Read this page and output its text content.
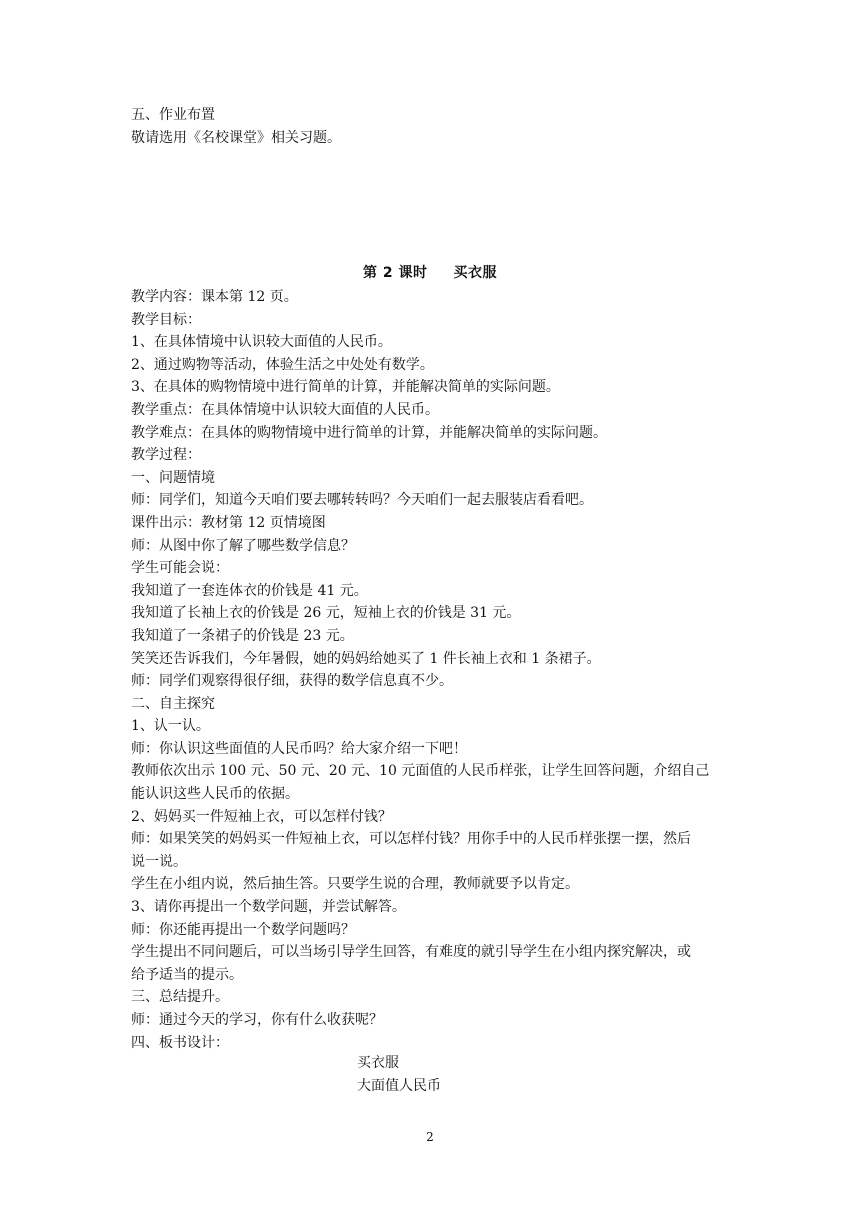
五、作业布置
敬请选用《名校课堂》相关习题。
第 2 课时 买衣服
教学内容：课本第 12 页。
教学目标：
1、在具体情境中认识较大面值的人民币。
2、通过购物等活动，体验生活之中处处有数学。
3、在具体的购物情境中进行简单的计算，并能解决简单的实际问题。
教学重点：在具体情境中认识较大面值的人民币。
教学难点：在具体的购物情境中进行简单的计算，并能解决简单的实际问题。
教学过程：
一、问题情境
师：同学们，知道今天咱们要去哪转转吗？今天咱们一起去服装店看看吧。
课件出示：教材第 12 页情境图
师：从图中你了解了哪些数学信息？
学生可能会说：
我知道了一套连体衣的价钱是 41 元。
我知道了长袖上衣的价钱是 26 元，短袖上衣的价钱是 31 元。
我知道了一条裙子的价钱是 23 元。
笑笑还告诉我们，今年暑假，她的妈妈给她买了 1 件长袖上衣和 1 条裙子。
师：同学们观察得很仔细，获得的数学信息真不少。
二、自主探究
1、认一认。
师：你认识这些面值的人民币吗？给大家介绍一下吧！
教师依次出示 100 元、50 元、20 元、10 元面值的人民币样张，让学生回答问题，介绍自己
能认识这些人民币的依据。
2、妈妈买一件短袖上衣，可以怎样付钱？
师：如果笑笑的妈妈买一件短袖上衣，可以怎样付钱？用你手中的人民币样张摆一摆，然后
说一说。
学生在小组内说，然后抽生答。只要学生说的合理，教师就要予以肯定。
3、请你再提出一个数学问题，并尝试解答。
师：你还能再提出一个数学问题吗？
学生提出不同问题后，可以当场引导学生回答，有难度的就引导学生在小组内探究解决，或
给予适当的提示。
三、总结提升。
师：通过今天的学习，你有什么收获呢？
四、板书设计：
买衣服
大面值人民币
2
